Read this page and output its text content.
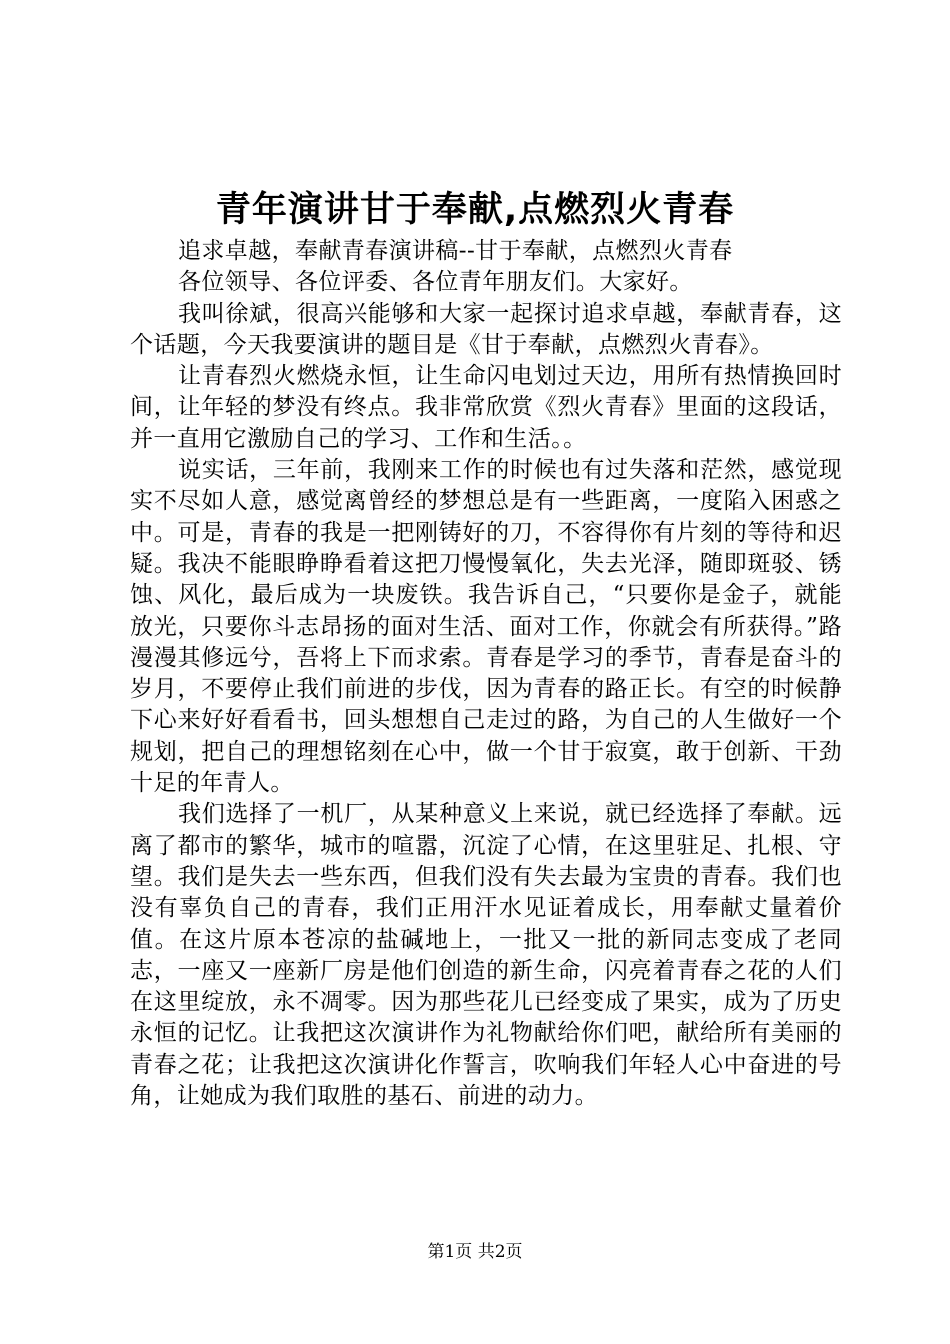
青年演讲甘于奉献,点燃烈火青春

追求卓越，奉献青春演讲稿--甘于奉献，点燃烈火青春

各位领导、各位评委、各位青年朋友们。大家好。

我叫徐斌，很高兴能够和大家一起探讨追求卓越，奉献青春，这个话题，今天我要演讲的题目是《甘于奉献，点燃烈火青春》。

让青春烈火燃烧永恒，让生命闪电划过天边，用所有热情换回时间，让年轻的梦没有终点。我非常欣赏《烈火青春》里面的这段话，并一直用它激励自己的学习、工作和生活。。

说实话，三年前，我刚来工作的时候也有过失落和茫然，感觉现实不尽如人意，感觉离曾经的梦想总是有一些距离，一度陷入困惑之中。可是，青春的我是一把刚铸好的刀，不容得你有片刻的等待和迟疑。我决不能眼睁睁看着这把刀慢慢氧化，失去光泽，随即斑驳、锈蚀、风化，最后成为一块废铁。我告诉自己，“只要你是金子，就能放光，只要你斗志昂扬的面对生活、面对工作，你就会有所获得。”路漫漫其修远兮，吾将上下而求索。青春是学习的季节，青春是奋斗的岁月，不要停止我们前进的步伐，因为青春的路正长。有空的时候静下心来好好看看书，回头想想自己走过的路，为自己的人生做好一个规划，把自己的理想铭刻在心中，做一个甘于寂寞，敢于创新、干劲十足的年青人。

我们选择了一机厂，从某种意义上来说，就已经选择了奉献。远离了都市的繁华，城市的喧嚣，沉淀了心情，在这里驻足、扎根、守望。我们是失去一些东西，但我们没有失去最为宝贵的青春。我们也没有辜负自己的青春，我们正用汗水见证着成长，用奉献丈量着价值。在这片原本苍凉的盐碱地上，一批又一批的新同志变成了老同志，一座又一座新厂房是他们创造的新生命，闪亮着青春之花的人们在这里绽放，永不凋零。因为那些花儿已经变成了果实，成为了历史永恒的记忆。让我把这次演讲作为礼物献给你们吧，献给所有美丽的青春之花；让我把这次演讲化作誓言，吹响我们年轻人心中奋进的号角，让她成为我们取胜的基石、前进的动力。

第1页 共2页
